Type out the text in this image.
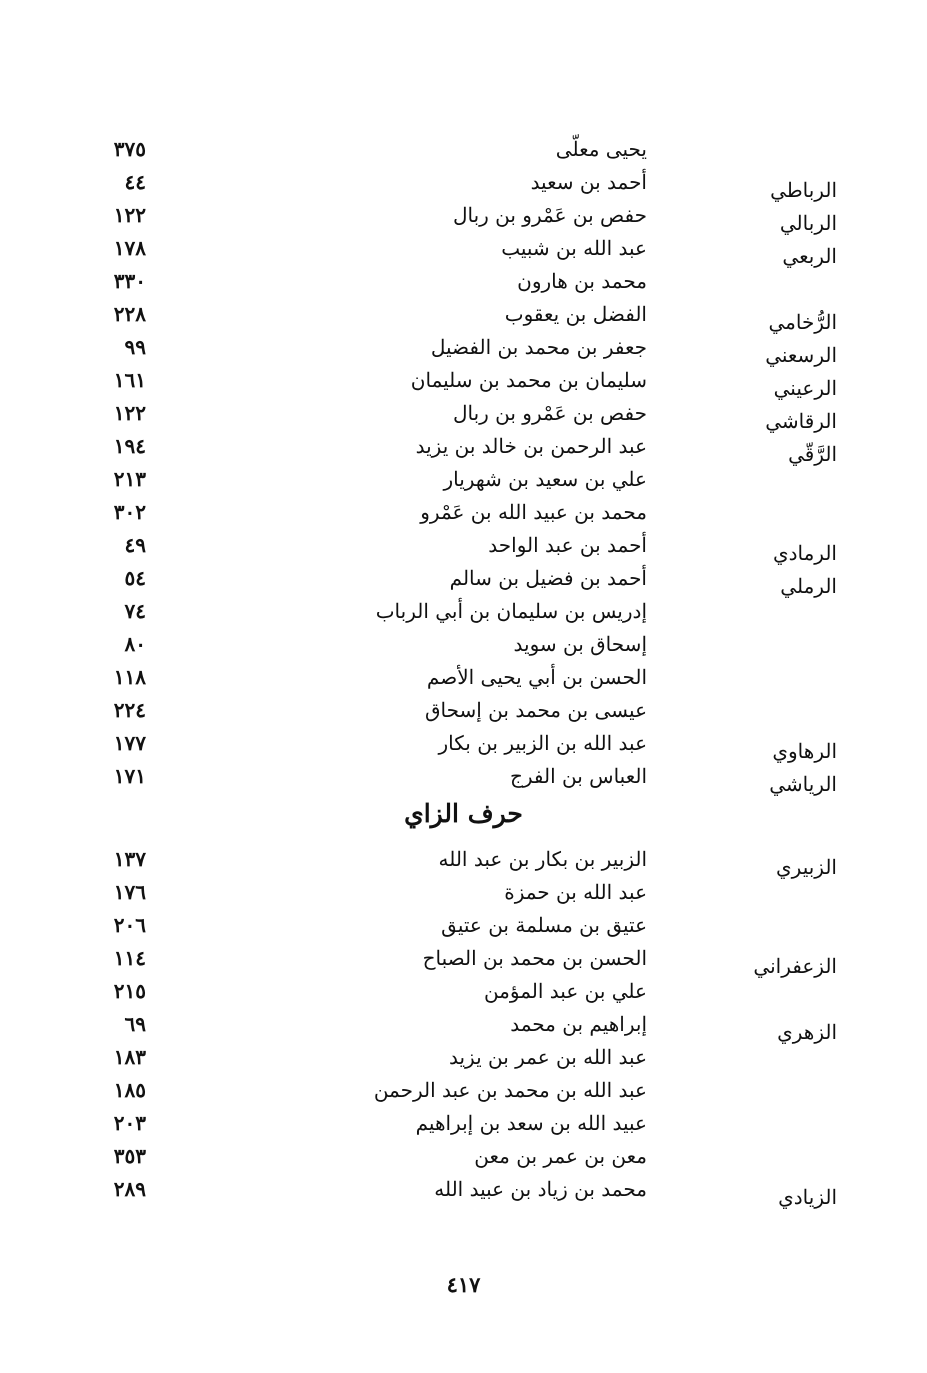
يحيى معلّى
٣٧٥
الرباطي
أحمد بن سعيد
٤٤
الربالي
حفص بن عَمْرو بن ربال
١٢٢
الربعي
عبد الله بن شبيب
١٧٨
محمد بن هارون
٣٣٠
الرُّخامي
الفضل بن يعقوب
٢٢٨
الرسعني
جعفر بن محمد بن الفضيل
٩٩
الرعيني
سليمان بن محمد بن سليمان
١٦١
الرقاشي
حفص بن عَمْرو بن ربال
١٢٢
الرَّقّي
عبد الرحمن بن خالد بن يزيد
١٩٤
علي بن سعيد بن شهريار
٢١٣
محمد بن عبيد الله بن عَمْرو
٣٠٢
الرمادي
أحمد بن عبد الواحد
٤٩
الرملي
أحمد بن فضيل بن سالم
٥٤
إدريس بن سليمان بن أبي الرباب
٧٤
إسحاق بن سويد
٨٠
الحسن بن أبي يحيى الأصم
١١٨
عيسى بن محمد بن إسحاق
٢٢٤
الرهاوي
عبد الله بن الزبير بن بكار
١٧٧
الرياشي
العباس بن الفرج
١٧١
حرف الزاي
الزبيري
الزبير بن بكار بن عبد الله
١٣٧
عبد الله بن حمزة
١٧٦
عتيق بن مسلمة بن عتيق
٢٠٦
الزعفراني
الحسن بن محمد بن الصباح
١١٤
علي بن عبد المؤمن
٢١٥
الزهري
إبراهيم بن محمد
٦٩
عبد الله بن عمر بن يزيد
١٨٣
عبد الله بن محمد بن عبد الرحمن
١٨٥
عبيد الله بن سعد بن إبراهيم
٢٠٣
معن بن عمر بن معن
٣٥٣
الزيادي
محمد بن زياد بن عبيد الله
٢٨٩
٤١٧
